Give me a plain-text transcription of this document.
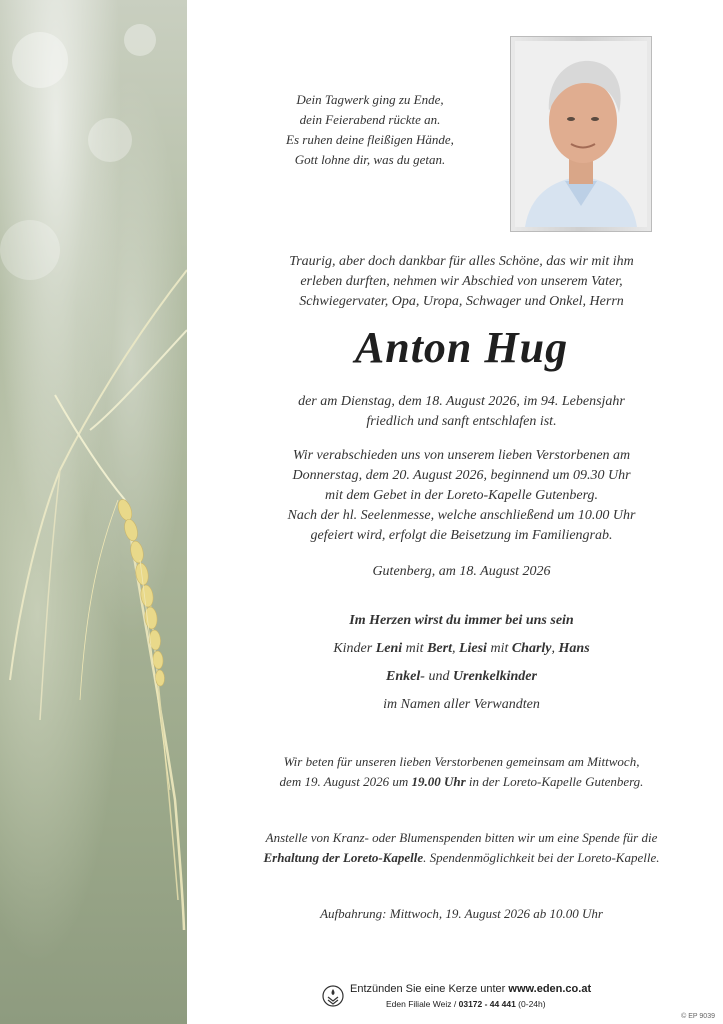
Dein Tagwerk ging zu Ende,
dein Feierabend rückte an.
Es ruhen deine fleißigen Hände,
Gott lohne dir, was du getan.
Traurig, aber doch dankbar für alles Schöne, das wir mit ihm
erleben durften, nehmen wir Abschied von unserem Vater,
Schwiegervater, Opa, Uropa, Schwager und Onkel, Herrn
Anton Hug
der am Dienstag, dem 18. August 2026, im 94. Lebensjahr
friedlich und sanft entschlafen ist.
Wir verabschieden uns von unserem lieben Verstorbenen am
Donnerstag, dem 20. August 2026, beginnend um 09.30 Uhr
mit dem Gebet in der Loreto-Kapelle Gutenberg.
Nach der hl. Seelenmesse, welche anschließend um 10.00 Uhr
gefeiert wird, erfolgt die Beisetzung im Familiengrab.
Gutenberg, am 18. August 2026
Im Herzen wirst du immer bei uns sein
Kinder Leni mit Bert, Liesi mit Charly, Hans
Enkel- und Urenkelkinder
im Namen aller Verwandten
Wir beten für unseren lieben Verstorbenen gemeinsam am Mittwoch,
dem 19. August 2026 um 19.00 Uhr in der Loreto-Kapelle Gutenberg.
Anstelle von Kranz- oder Blumenspenden bitten wir um eine Spende für die
Erhaltung der Loreto-Kapelle. Spendenmöglichkeit bei der Loreto-Kapelle.
Aufbahrung: Mittwoch, 19. August 2026 ab 10.00 Uhr
Entzünden Sie eine Kerze unter www.eden.co.at
Eden Filiale Weiz / 03172 - 44 441 (0-24h)
© EP 9039
